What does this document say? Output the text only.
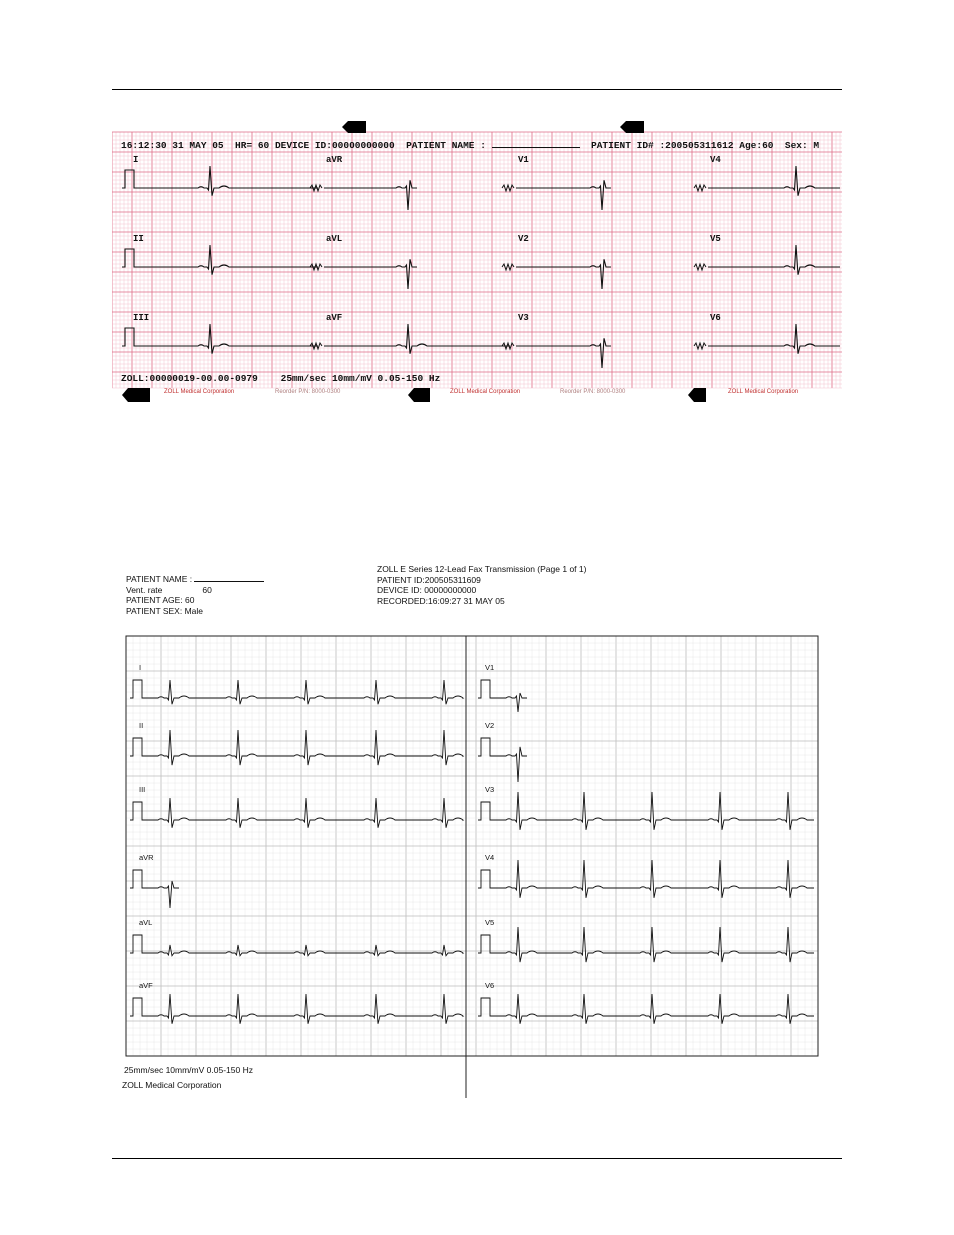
I	aVR	V1	V4
II	aVL	V2	V5
III	aVF	V3	V6
16:12:30 31 MAY 05 HR= 60 DEVICE ID:00000000000 PATIENT NAME :	PATIENT ID# :200505311612 Age:60 Sex: M
ZOLL:00000019-00.00-0979 25mm/sec 10mm/mV 0.05-150 Hz
ZOLL Medical Corporation	Reorder P/N: 8000-0300	ZOLL Medical Corporation	Reorder P/N: 8000-0300	ZOLL Medical Corporation
PATIENT NAME :
Vent. rate	60
PATIENT AGE: 60
PATIENT SEX: Male
ZOLL E Series 12-Lead Fax Transmission (Page 1 of 1)
PATIENT ID:200505311609
DEVICE ID: 00000000000
RECORDED:16:09:27 31 MAY 05
I	V1
II	V2
III	V3
aVR	V4
aVL	V5
aVF	V6
25mm/sec 10mm/mV 0.05-150 Hz
ZOLL Medical Corporation
